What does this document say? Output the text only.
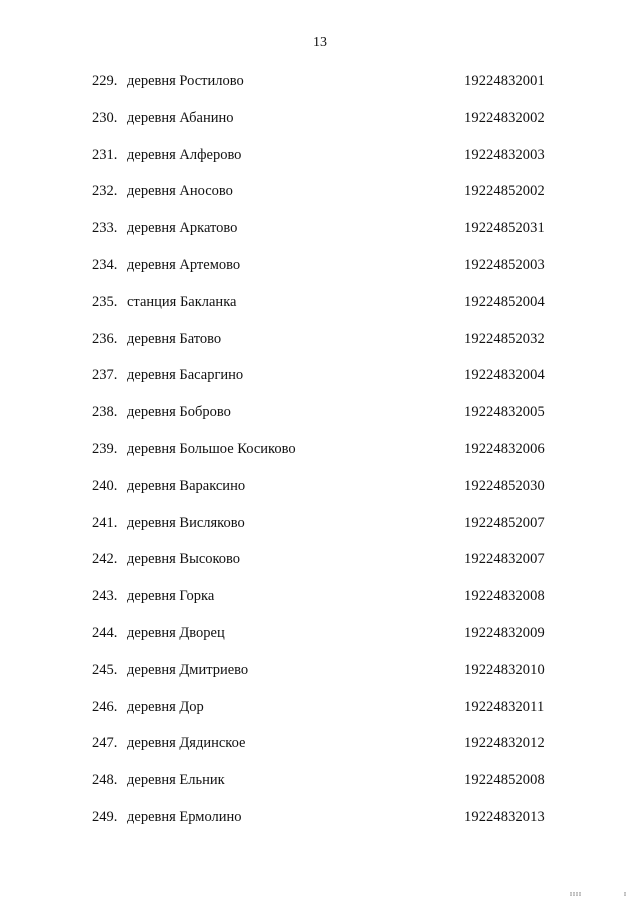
13
229. деревня Ростилово	19224832001
230. деревня Абанино	19224832002
231. деревня Алферово	19224832003
232. деревня Аносово	19224852002
233. деревня Аркатово	19224852031
234. деревня Артемово	19224852003
235. станция Бакланка	19224852004
236. деревня Батово	19224852032
237. деревня Басаргино	19224832004
238. деревня Боброво	19224832005
239. деревня Большое Косиково	19224832006
240. деревня Вараксино	19224852030
241. деревня Висляково	19224852007
242. деревня Высоково	19224832007
243. деревня Горка	19224832008
244. деревня Дворец	19224832009
245. деревня Дмитриево	19224832010
246. деревня Дор	19224832011
247. деревня Дядинское	19224832012
248. деревня Ельник	19224852008
249. деревня Ермолино	19224832013
IIII	I
